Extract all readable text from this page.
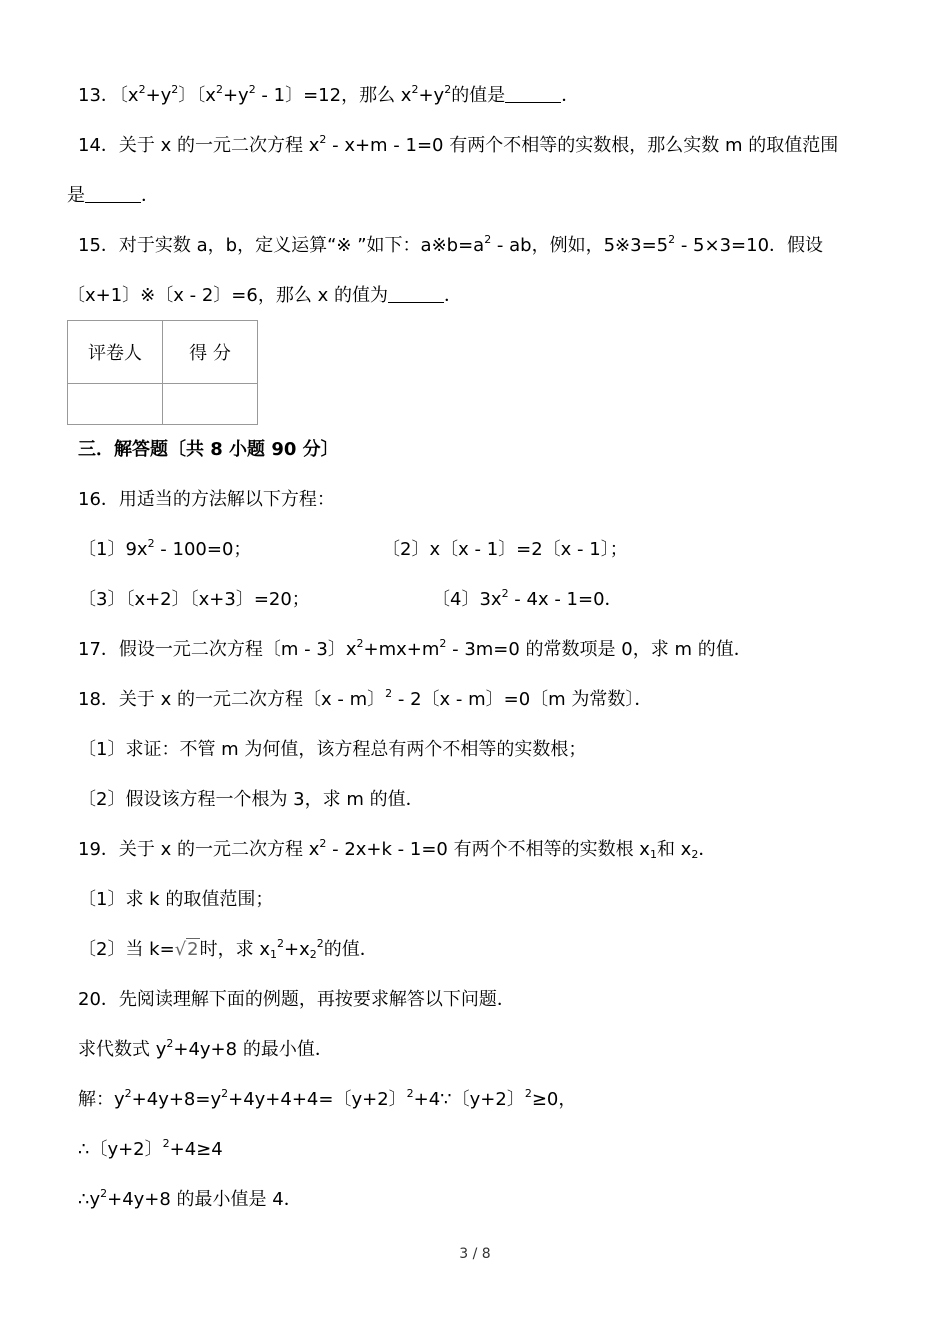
13．〔$x^2+y^2$〕〔$x^2+y^2 - 1$〕=12，那么 $x^2+y^2$的值是	．
14．关于 x 的一元二次方程 $x^2 - x+m - 1=0$ 有两个不相等的实数根，那么实数 m 的取值范围
是	．
15．对于实数 a，b，定义运算“※ ”如下：$a※b=a^2$ - ab，例如，$5※3=5^2 - 5\times 3=10$．假设
〔x+1〕※〔x - 2〕=6，那么 x 的值为	．
评卷人	得 分

三．解答题〔共 8 小题 90 分〕
16．用适当的方法解以下方程：
〔1〕$9x^2 - 100=0$；	〔2〕x〔x - 1〕=2〔x - 1〕；
〔3〕〔x+2〕〔x+3〕=20；	〔4〕$3x^2 - 4x - 1=0$．
17．假设一元二次方程〔m - 3〕$x^2+mx+m^2 - 3m=0$ 的常数项是 0，求 m 的值．
18．关于 x 的一元二次方程〔x - m〕$^2$ - 2〔x - m〕=0〔m 为常数〕．
〔1〕求证：不管 m 为何值，该方程总有两个不相等的实数根；
〔2〕假设该方程一个根为 3，求 m 的值．
19．关于 x 的一元二次方程 $x^2 - 2x+k - 1=0$ 有两个不相等的实数根 $x_1$和 $x_2$．
〔1〕求 k 的取值范围；
〔2〕当 k=√2时，求 $x_1^2+x_2^2$的值．
20．先阅读理解下面的例题，再按要求解答以下问题．
求代数式 $y^2+4y+8$ 的最小值．
解：$y^2+4y+8=y^2+4y+4+4=$〔y+2〕$^2$+4∵〔y+2〕$^2$≥0，
∴〔y+2〕$^2$+4≥4
$\therefore y^2+4y+8$ 的最小值是 4．
3 / 8
